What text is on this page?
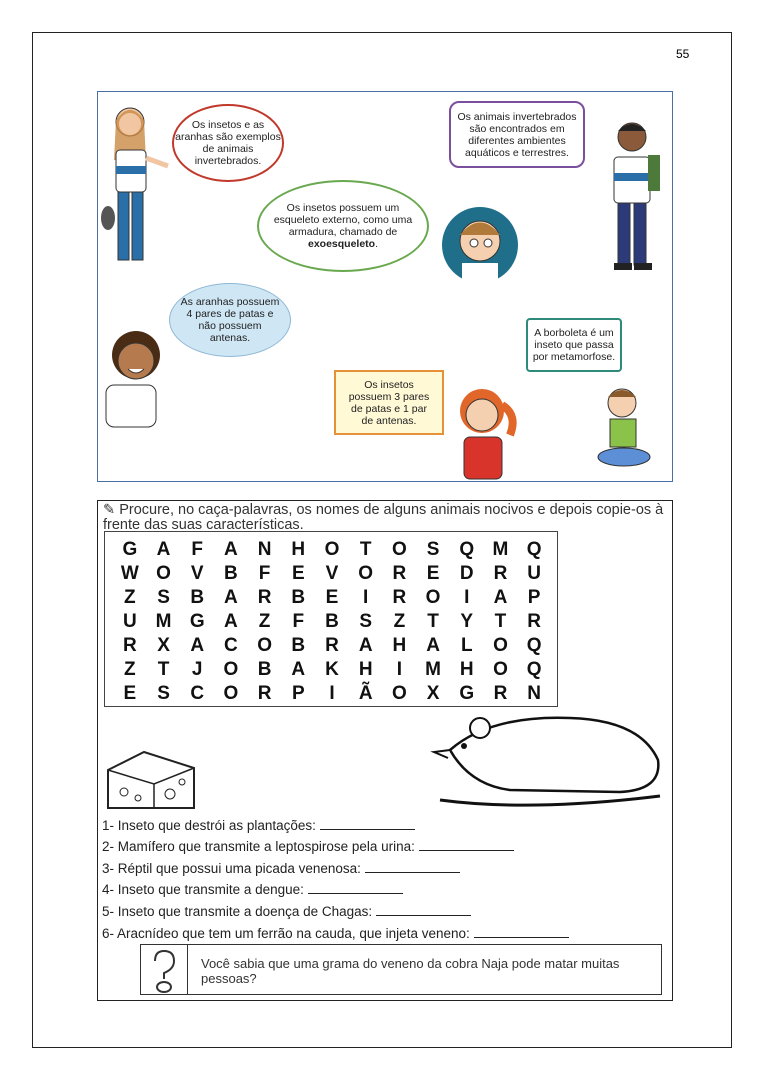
55
Os insetos e as aranhas são exemplos de animais invertebrados.
Os animais invertebrados são encontrados em diferentes ambientes aquáticos e terrestres.
Os insetos possuem um esqueleto externo, como uma armadura, chamado de exoesqueleto.
As aranhas possuem 4 pares de patas e não possuem antenas.	A borboleta é um inseto que passa por metamorfose.
Os insetos possuem 3 pares de patas e 1 par de antenas.
✎ Procure, no caça-palavras, os nomes de alguns animais nocivos e depois copie-os à frente das suas características.
G	A	F	A	N	H	O	T	O	S	Q M Q
W O	V	B	F	E	V	O	R	E	D	R	U
Z	S	B	A	R	B	E	I	R	O	I	A	P
U M G	A	Z	F	B	S	Z	T	Y	T	R
R	X	A	C	O	B	R	A	H	A	L	O Q
Z	T	J	O	B	A	K	H	I	M H	O Q
E	S	C	O	R	P	I	Ã	O	X	G	R	N
1- Inseto que destrói as plantações:
2- Mamífero que transmite a leptospirose pela urina:
3- Réptil que possui uma picada venenosa:
4- Inseto que transmite a dengue:
5- Inseto que transmite a doença de Chagas:
6- Aracnídeo que tem um ferrão na cauda, que injeta veneno:
Você sabia que uma grama do veneno da cobra Naja pode matar muitas pessoas?
